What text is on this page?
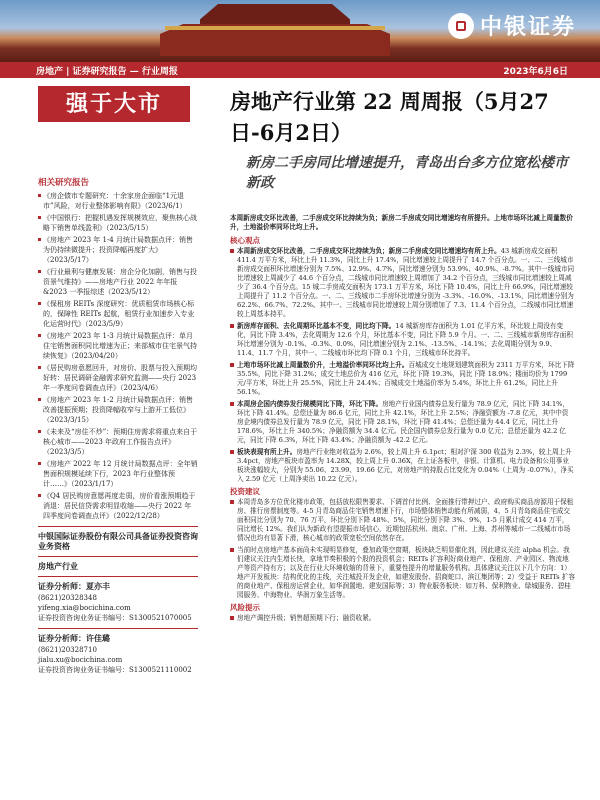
中银证券
房地产 | 证券研究报告 — 行业周报	2023年6月6日
强于大市	房地产行业第 22 周周报（5月27日-6月2日）
新房二手房同比增速提升，青岛出台多方位宽松楼市新政
相关研究报告
《房企债市专题研究：十余家房企面临“1元退市”风险，对行业整体影响有限》（2023/6/1）
《中国银行：把握机遇发挥规模效应，聚焦核心战略下销售单线盈利》（2023/5/15）
《房地产 2023 年 1-4 月统计局数据点评：销售为仍持续微提升；投资降幅再度扩大》（2023/5/17）
《行业最利与健康发展：房企分化加剧，销售与投资景气维持》——房地产行业 2022 年年报&2023 一季报综述（2023/5/12）
《保租房 REITs 深度研究：优质租赁市场核心标的，保障性 REITs 起航，租赁行业加速步入专业化运营时代》（2023/5/9）
《房地产 2023 年 1-3 月统计局数据点评：单月住宅销售面积同比增速为正；来部城市住宅景气持续恢复》（2023/04/20）
《居民购房意愿回升，对房价、股票与投入预期均好转：居民调研金融需求研究监测——央行 2023 年一季度问卷调查点评》（2023/4/6）
《房地产 2023 年 1-2 月统计局数据点评：销售改善提振预期；投资降幅收窄与上游开工低位》（2023/3/15）
《未来及“房住不炒”：预期住房需求将重点来自于核心城市——2023 年政府工作报告点评》（2023/3/5）
《房地产 2022 年 12 月统计局数据点评：全年销售面积规模延续下行，2023 年行业整体预计……》（2023/1/17）
《Q4 居民购房意愿再度走弱，房价看涨预期趋于消退：居民信贷需求明显收缩——央行 2022 年四季度问卷调查点评》（2022/12/28）
中银国际证券股份有限公司具备证券投资咨询业务资格
房地产行业
证券分析师：夏亦丰
(8621)20328348
yifeng.xia@bocichina.com
证券投资咨询业务证书编号：S1300521070005
证券分析师：许佳璐
(8621)20328710
jialu.xu@bocichina.com
证券投资咨询业务证书编号：S1300521110002
本周新房成交环比改善，二手房成交环比持续为负；新房二手房成交同比增速均有所提升。上地市场环比减上周量数价升，土地溢价率同环比均上升。
核心观点
本周新房成交环比改善，二手房成交环比持续为负；新房二手房成交同比增速均有所上升。43 城新房成交面积 411.4 万平方米，环比上升 11.3%，同比上升 17.4%，同比增速较上周提升了 14.7 个百分点。一、二、三线城市新房成交面积环比增速分别为 7.5%、12.9%、4.7%，同比增速分别为 53.9%、40.9%、-8.7%。其中一线城市同比增速较上周减少了 44.6 个百分点，二线城市同比增速较上周增加了 34.2 个百分点，三线城市同比增速较上周减少了 36.4 个百分点。15 城二手房成交面积为 173.1 万平方米，环比下降 10.4%，同比上升 66.9%，同比增速较上周提升了 11.2 个百分点。一、二、三线城市二手房环比增速分别为 -3.3%、-16.0%、-13.1%，同比增速分别为 62.2%、66.7%、72.2%。其中一、三线城市同比增速较上周分别增加了 7.3、11.4 个百分点，二线城市同比增速较上周基本持平。
新房库存面积、去化周期环比基本不变，同比均下降。14 城新房库存面积为 1.01 亿平方米，环比较上周没有变化，同比下降 3.4%，去化周期为 12.6 个月，环比基本不变，同比下降 5.9 个月。一、二、三线城市新房库存面积环比增速分别为 -0.1%、-0.3%、0.0%，同比增速分别为 2.1%、-13.5%、-14.1%；去化周期分别为 9.9、11.4、11.7 个月，其中一、二线城市环比均下降 0.1 个月，三线城市环比持平。
上地市场环比减上周量数价升，土地溢价率同环比均上升。百城成交土地规划建筑面积为 2311 万平方米，环比下降 35.5%，同比下降 31.2%；成交土地总价为 416 亿元，环比下降 19.3%，同比下降 18.9%；楼面均价为 1799 元/平方米，环比上升 25.5%，同比上升 24.4%；百城成交土地溢价率为 5.4%，环比上升 61.2%，同比上升 56.1%。
本周房企国内债券发行规模同比下降，环比下降。房地产行业国内债券总发行量为 78.9 亿元，同比下降 34.1%，环比下降 41.4%。总偿还量为 86.6 亿元，同比上升 42.1%，环比上升 2.5%；净融资额为 -7.8 亿元，其中中资房企境内债券总发行量为 78.9 亿元，同比下降 28.1%，环比下降 41.4%；总偿还量为 44.4 亿元，同比上升 178.6%，环比上升 340.5%；净融资额为 34.4 亿元。民企国内债券总发行量为 0.0 亿元；总偿还量为 42.2 亿元，同比下降 6.3%，环比下降 43.4%；净融资额为 -42.2 亿元。
板块表现有所上升。房地产行业绝对收益为 2.6%，较上周上升 6.1pct；相对沪深 300 收益为 2.3%，较上周上升 3.4pct，房地产板块市盈率为 14.28X，较上周上升 0.36X，在上证各板中，非银、计算机、电力设备和公用事业板块涨幅较大，分别为 55.06、23.99、19.66 亿元，对房地产的持股占比变化为 0.04%（上周为 -0.07%），净买入 2.59 亿元（上周净卖出 10.22 亿元）。
投资建议
本周青岛多方位优化楼市政策，包括放松限售要求、下调首付比例、全面推行带押过户、政府购买商品房源用于保租房、推行房票制度等。4-5 月青岛商品住宅销售增速下行，市场整体销售动能有所减弱，4、5 月青岛商品住宅成交面积同比分别为 70、76 万平，环比分别下降 48%、5%，同比分别下降 3%、9%，1-5 月累计成交 414 万平，同比增长 12%。我们认为新政有望提振市场信心，近期包括杭州、南京、广州、上海、苏州等城市一二线城市市场情况也均有显著下滑，核心城市的政策宽松空间依然存在。
当前时点房地产基本面尚未实现明显修复，叠加政策空窗期，板块缺乏明显催化剂，因此建议关注 alpha 机会。我们建议关注内生增长快，拿地节奏积极的个股的投资机会；REITs 扩容利好商业地产、保租房、产业园区、物流地产等资产持有方；以及在行业大环境收缩的背景下，重要性提升的增量服务机构。具体建议关注以下几个方向：1）地产开发板块：结构优化的主线，关注城投开发企业，如建发股份、招商蛇口、滨江集团等；2）受益于 REITs 扩容的商业地产、保租房运营企业，如华润置地、建发国际等；3）物业服务板块：如万科、保利物业、绿城服务、碧桂园服务、中海物业、华润万象生活等。
风险提示
房地产调控升级；销售超预期下行；融资收紧。
